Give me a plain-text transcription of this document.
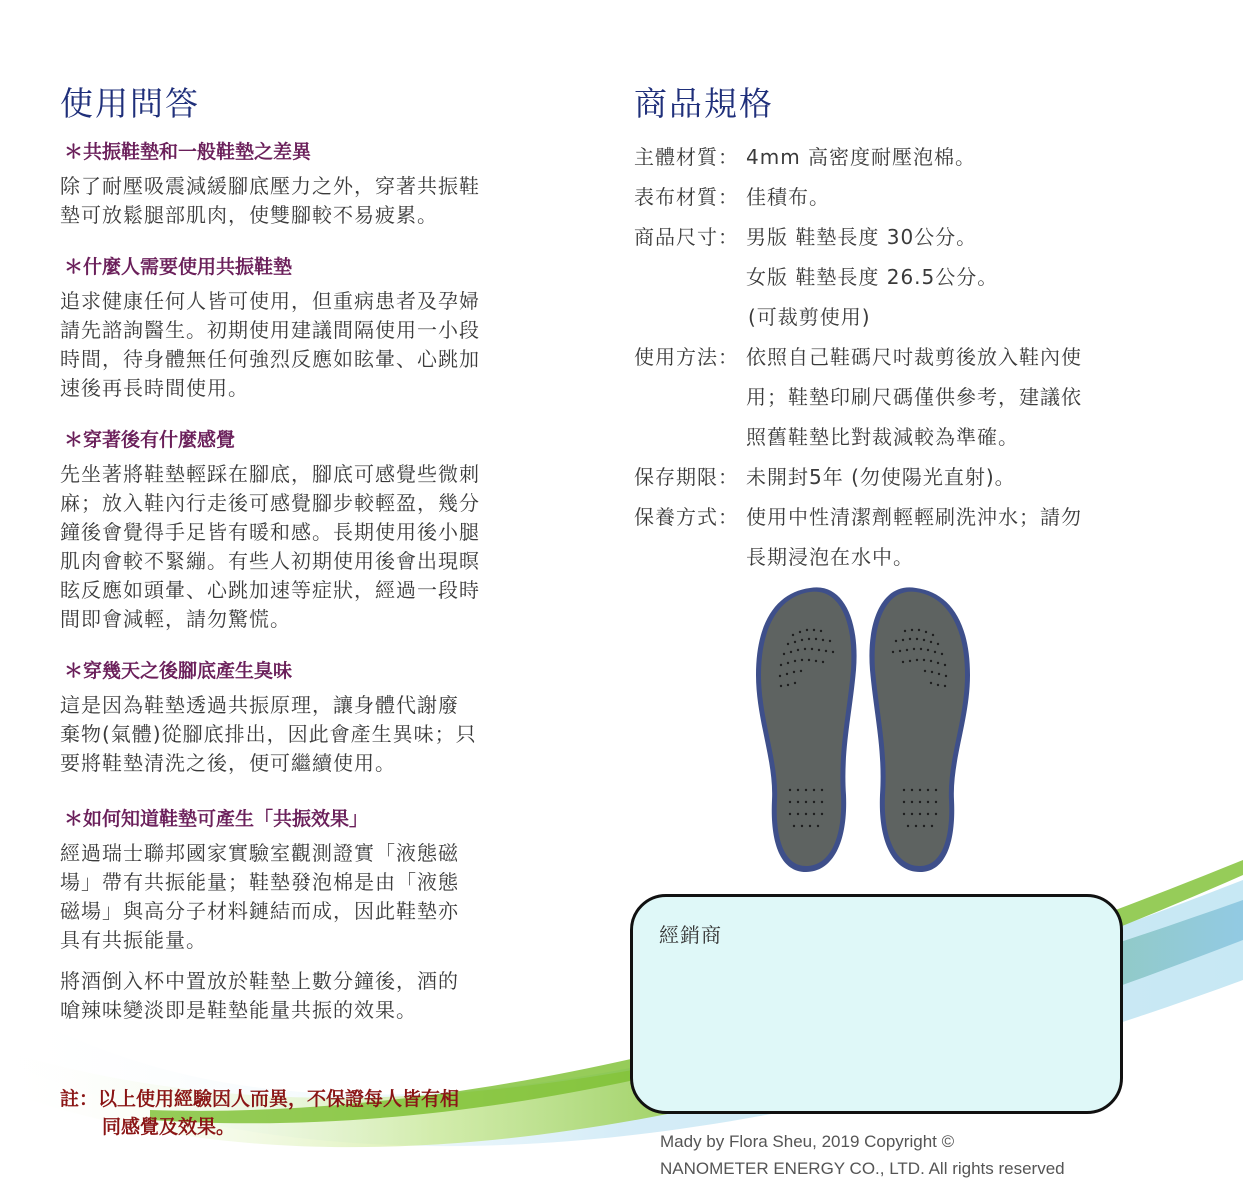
使用問答
＊共振鞋墊和一般鞋墊之差異
除了耐壓吸震減緩腳底壓力之外，穿著共振鞋
墊可放鬆腿部肌肉，使雙腳較不易疲累。
＊什麼人需要使用共振鞋墊
追求健康任何人皆可使用，但重病患者及孕婦
請先諮詢醫生。初期使用建議間隔使用一小段
時間，待身體無任何強烈反應如眩暈、心跳加
速後再長時間使用。
＊穿著後有什麼感覺
先坐著將鞋墊輕踩在腳底，腳底可感覺些微刺
麻；放入鞋內行走後可感覺腳步較輕盈，幾分
鐘後會覺得手足皆有暖和感。長期使用後小腿
肌肉會較不緊繃。有些人初期使用後會出現暝
眩反應如頭暈、心跳加速等症狀，經過一段時
間即會減輕，請勿驚慌。
＊穿幾天之後腳底產生臭味
這是因為鞋墊透過共振原理，讓身體代謝廢
棄物(氣體)從腳底排出，因此會產生異味；只
要將鞋墊清洗之後，便可繼續使用。
＊如何知道鞋墊可產生「共振效果」
經過瑞士聯邦國家實驗室觀測證實「液態磁
場」帶有共振能量；鞋墊發泡棉是由「液態
磁場」與高分子材料鏈結而成，因此鞋墊亦
具有共振能量。
將酒倒入杯中置放於鞋墊上數分鐘後，酒的
嗆辣味變淡即是鞋墊能量共振的效果。
註：以上使用經驗因人而異，不保證每人皆有相
同感覺及效果。
商品規格
主體材質： 4mm 高密度耐壓泡棉。
表布材質： 佳積布。
商品尺寸： 男版 鞋墊長度 30公分。
女版 鞋墊長度 26.5公分。
(可裁剪使用)
使用方法： 依照自己鞋碼尺吋裁剪後放入鞋內使
用；鞋墊印刷尺碼僅供參考，建議依
照舊鞋墊比對裁減較為準確。
保存期限： 未開封5年 (勿使陽光直射)。
保養方式： 使用中性清潔劑輕輕刷洗沖水；請勿
長期浸泡在水中。
經銷商
Mady by Flora Sheu, 2019 Copyright ©
NANOMETER ENERGY CO., LTD. All rights reserved
